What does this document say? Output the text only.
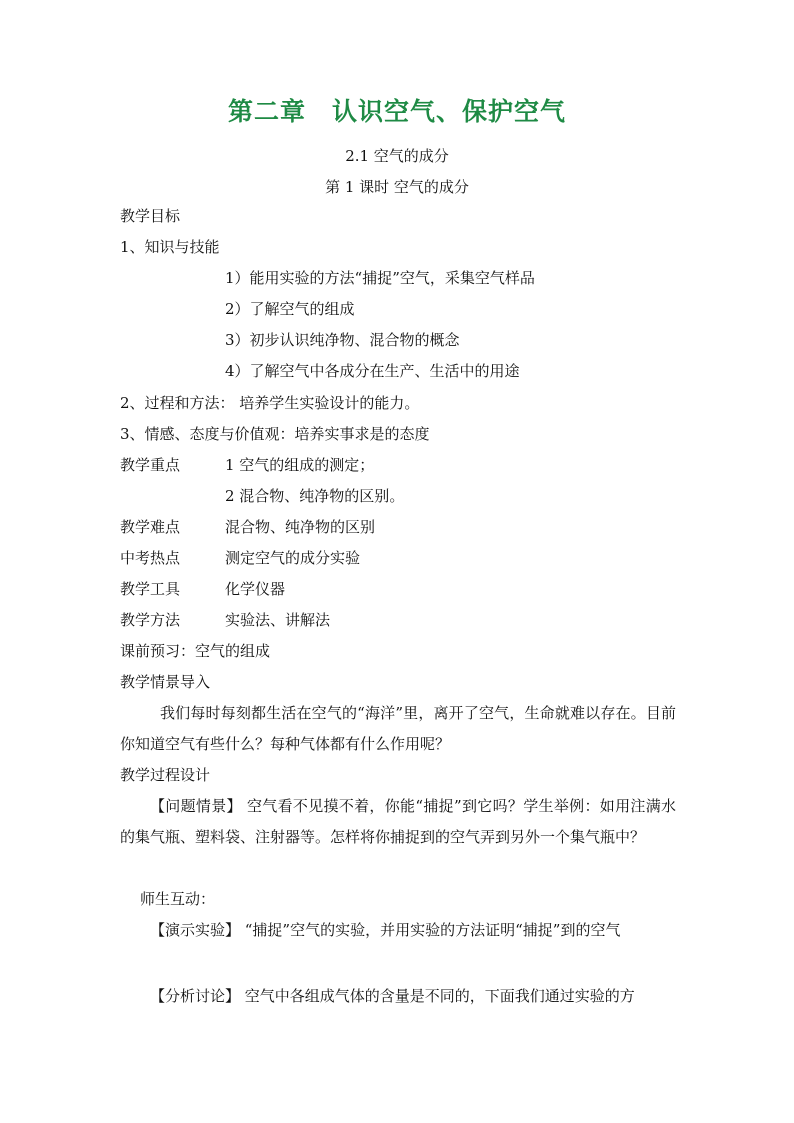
第二章　认识空气、保护空气
2.1 空气的成分
第 1 课时 空气的成分
教学目标
1、知识与技能
1）能用实验的方法“捕捉”空气，采集空气样品
2）了解空气的组成
3）初步认识纯净物、混合物的概念
4）了解空气中各成分在生产、生活中的用途
2、过程和方法： 培养学生实验设计的能力。
3、情感、态度与价值观：培养实事求是的态度
教学重点	1 空气的组成的测定；
2 混合物、纯净物的区别。
教学难点	混合物、纯净物的区别
中考热点	测定空气的成分实验
教学工具	化学仪器
教学方法	实验法、讲解法
课前预习：空气的组成
教学情景导入
我们每时每刻都生活在空气的“海洋”里，离开了空气，生命就难以存在。目前你知道空气有些什么？每种气体都有什么作用呢？
教学过程设计
【问题情景】 空气看不见摸不着，你能“捕捉”到它吗？学生举例：如用注满水的集气瓶、塑料袋、注射器等。怎样将你捕捉到的空气弄到另外一个集气瓶中？
师生互动：
【演示实验】 “捕捉”空气的实验，并用实验的方法证明“捕捉”到的空气
【分析讨论】 空气中各组成气体的含量是不同的，下面我们通过实验的方
